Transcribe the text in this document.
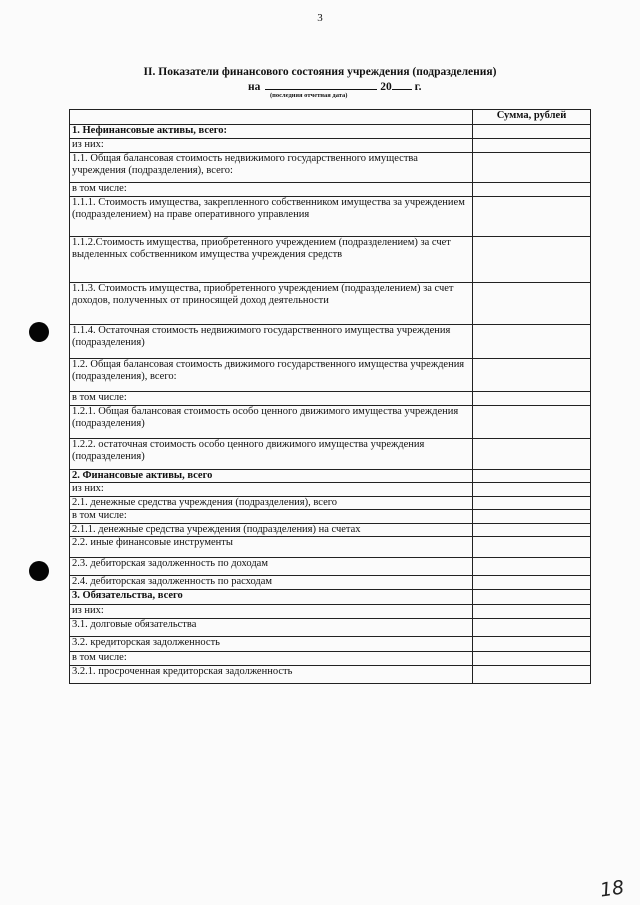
3
II. Показатели финансового состояния учреждения (подразделения)
на	20 г.
(последняя отчетная дата)
	Сумма, рублей
1. Нефинансовые активы, всего:	
из них:	
1.1. Общая балансовая стоимость недвижимого государственного имущества учреждения (подразделения), всего:	
в том числе:	
1.1.1. Стоимость имущества, закрепленного собственником имущества за учреждением (подразделением) на праве оперативного управления	
1.1.2.Стоимость имущества, приобретенного учреждением (подразделением) за счет выделенных собственником имущества учреждения средств	
1.1.3. Стоимость имущества, приобретенного учреждением (подразделением) за счет доходов, полученных от приносящей доход деятельности	
1.1.4. Остаточная стоимость недвижимого государственного имущества учреждения (подразделения)	
1.2. Общая балансовая стоимость движимого государственного имущества учреждения (подразделения), всего:	
в том числе:	
1.2.1. Общая балансовая стоимость особо ценного движимого имущества учреждения (подразделения)	
1.2.2. остаточная стоимость особо ценного движимого имущества учреждения (подразделения)	
2. Финансовые активы, всего	
из них:	
2.1. денежные средства учреждения (подразделения), всего	
в том числе:	
2.1.1. денежные средства учреждения (подразделения) на счетах	
2.2. иные финансовые инструменты	
2.3. дебиторская задолженность по доходам	
2.4. дебиторская задолженность по расходам	
3. Обязательства, всего	
из них:	
3.1. долговые обязательства	
3.2. кредиторская задолженность	
в том числе:	
3.2.1. просроченная кредиторская задолженность	
18
